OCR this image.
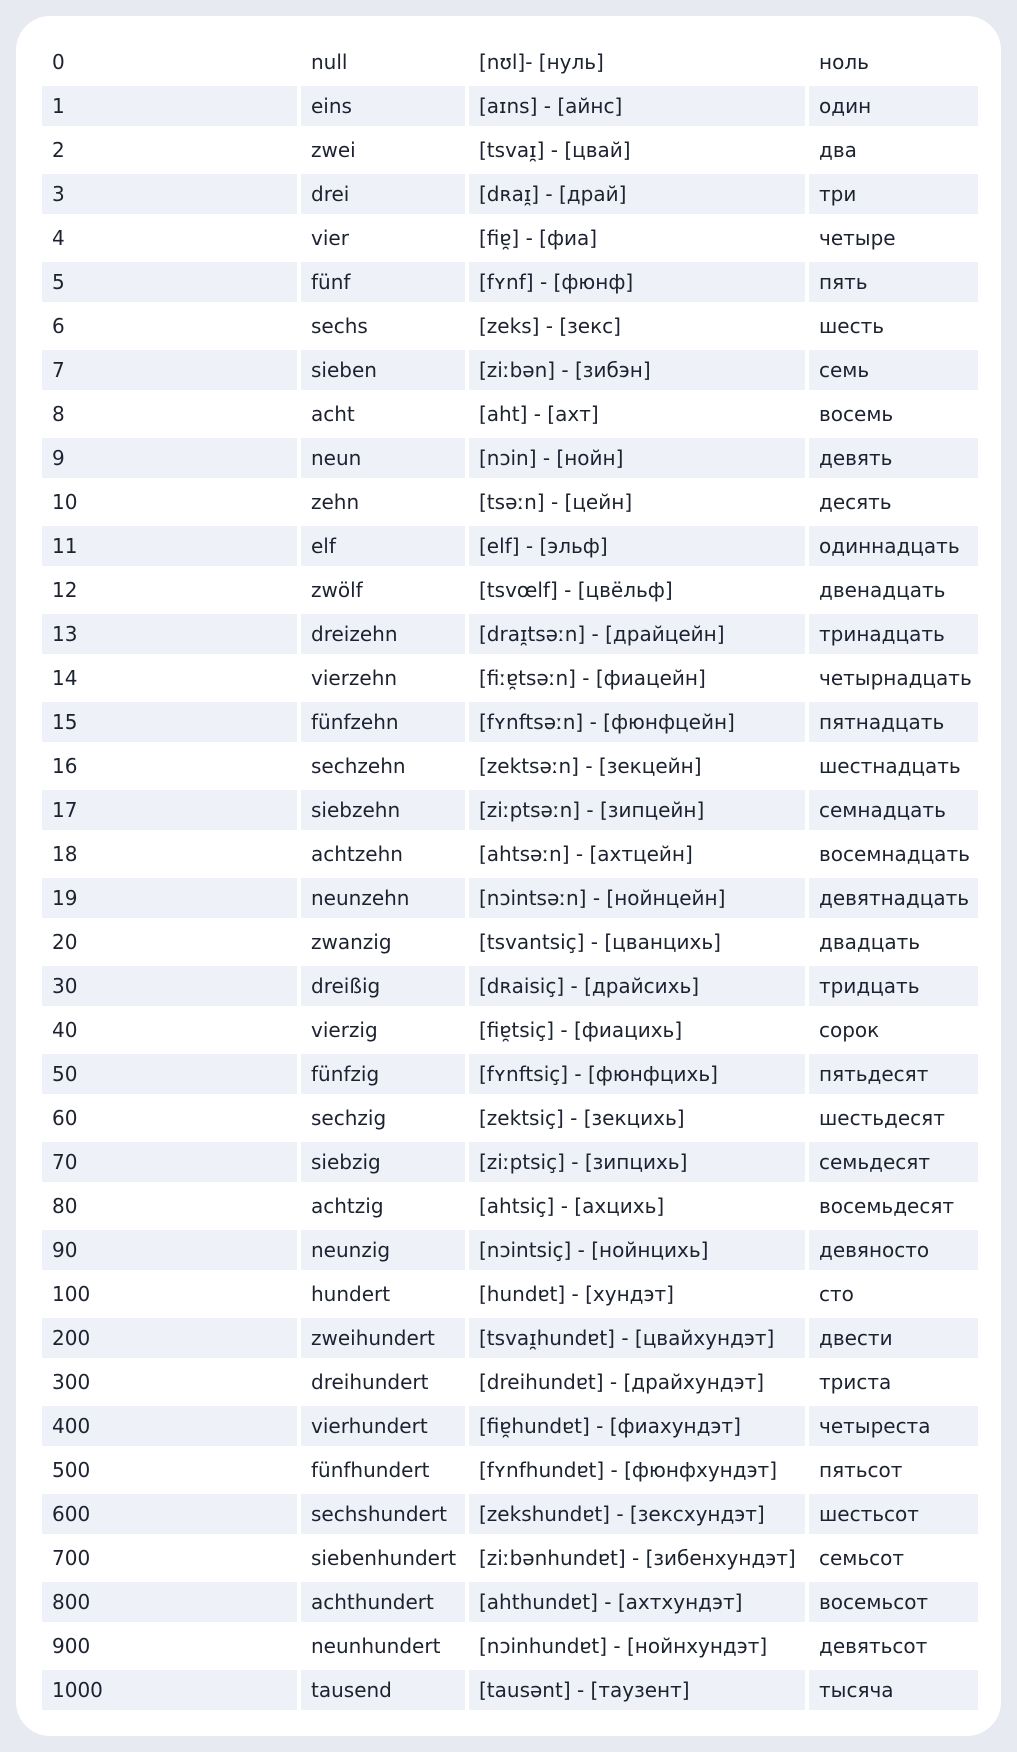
0	null	[nʊl]- [нуль]	ноль
1	eins	[aɪns] - [айнс]	один
2	zwei	[tsvaɪ̯] - [цвай]	два
3	drei	[dʀaɪ̯] - [драй]	три
4	vier	[fiɐ̯] - [фиа]	четыре
5	fünf	[fʏnf] - [фюнф]	пять
6	sechs	[zeks] - [зекс]	шесть
7	sieben	[ziːbən] - [зибэн]	семь
8	acht	[aht] - [ахт]	восемь
9	neun	[nɔin] - [нойн]	девять
10	zehn	[tsəːn] - [цейн]	десять
11	elf	[elf] - [эльф]	одиннадцать
12	zwölf	[tsvœlf] - [цвёльф]	двенадцать
13	dreizehn	[draɪ̯tsəːn] - [драйцейн]	тринадцать
14	vierzehn	[fiːɐ̯tsəːn] - [фиацейн]	четырнадцать
15	fünfzehn	[fʏnftsəːn] - [фюнфцейн]	пятнадцать
16	sechzehn	[zektsəːn] - [зекцейн]	шестнадцать
17	siebzehn	[ziːptsəːn] - [зипцейн]	семнадцать
18	achtzehn	[ahtsəːn] - [ахтцейн]	восемнадцать
19	neunzehn	[nɔintsəːn] - [нойнцейн]	девятнадцать
20	zwanzig	[tsvantsiç] - [цванцихь]	двадцать
30	dreißig	[dʀaisiç] - [драйсихь]	тридцать
40	vierzig	[fiɐ̯tsiç] - [фиацихь]	сорок
50	fünfzig	[fʏnftsiç] - [фюнфцихь]	пятьдесят
60	sechzig	[zektsiç] - [зекцихь]	шестьдесят
70	siebzig	[ziːptsiç] - [зипцихь]	семьдесят
80	achtzig	[ahtsiç] - [ахцихь]	восемьдесят
90	neunzig	[nɔintsiç] - [нойнцихь]	девяносто
100	hundert	[hundɐt] - [хундэт]	сто
200	zweihundert	[tsvaɪ̯hundɐt] - [цвайхундэт]	двести
300	dreihundert	[dreihundɐt] - [драйхундэт]	триста
400	vierhundert	[fiɐ̯hundɐt] - [фиахундэт]	четыреста
500	fünfhundert	[fʏnfhundɐt] - [фюнфхундэт]	пятьсот
600	sechshundert	[zekshundɐt] - [зексхундэт]	шестьсот
700	siebenhundert	[ziːbənhundɐt] - [зибенхундэт]	семьсот
800	achthundert	[ahthundɐt] - [ахтхундэт]	восемьсот
900	neunhundert	[nɔinhundɐt] - [нойнхундэт]	девятьсот
1000	tausend	[tausənt] - [таузент]	тысяча
